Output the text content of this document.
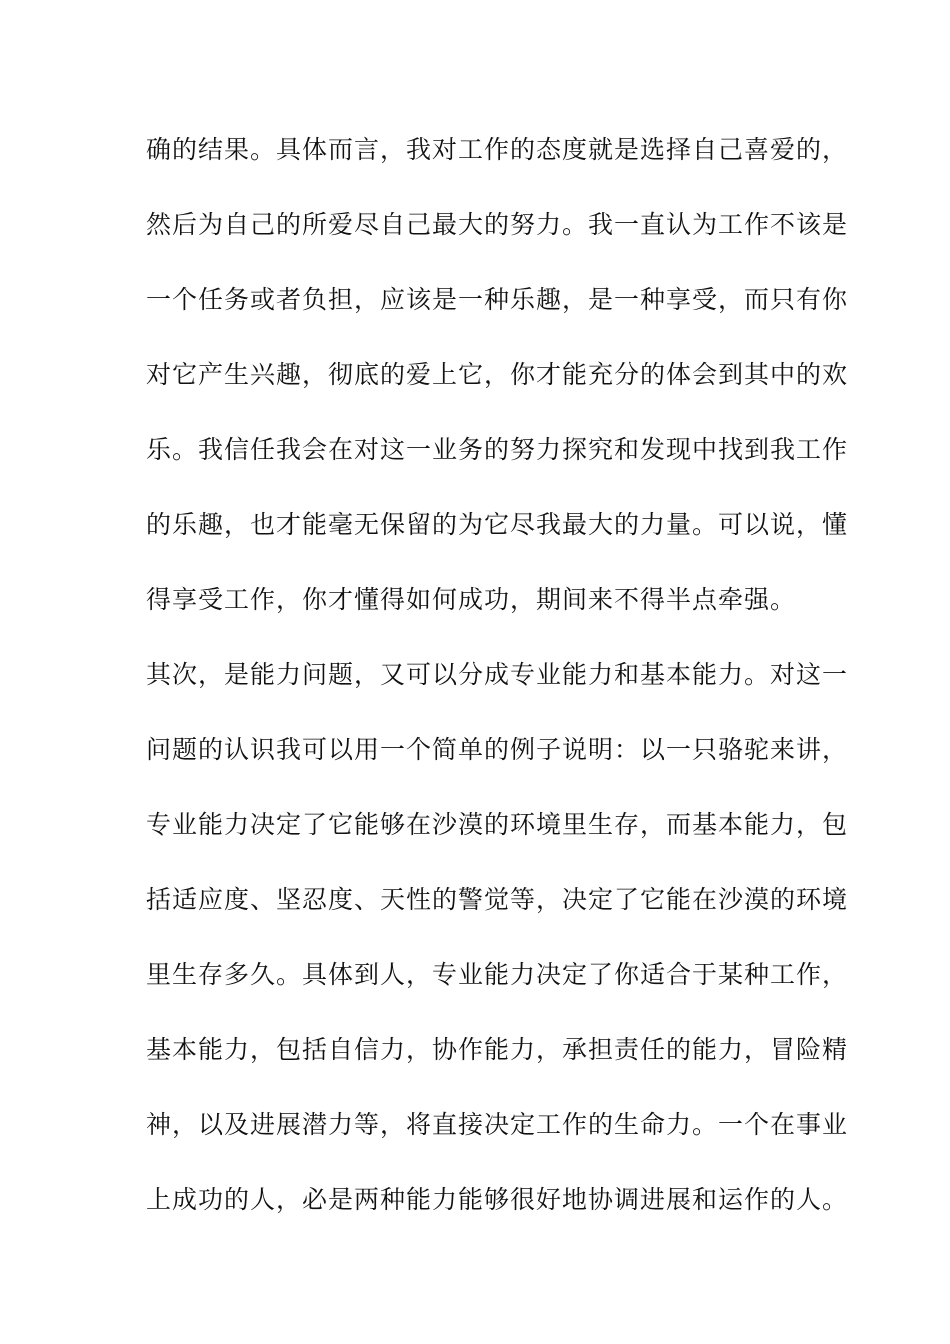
确的结果。具体而言，我对工作的态度就是选择自己喜爱的，
然后为自己的所爱尽自己最大的努力。我一直认为工作不该是
一个任务或者负担，应该是一种乐趣，是一种享受，而只有你
对它产生兴趣，彻底的爱上它，你才能充分的体会到其中的欢
乐。我信任我会在对这一业务的努力探究和发现中找到我工作
的乐趣，也才能毫无保留的为它尽我最大的力量。可以说，懂
得享受工作，你才懂得如何成功，期间来不得半点牵强。
其次，是能力问题，又可以分成专业能力和基本能力。对这一
问题的认识我可以用一个简单的例子说明：以一只骆驼来讲，
专业能力决定了它能够在沙漠的环境里生存，而基本能力，包
括适应度、坚忍度、天性的警觉等，决定了它能在沙漠的环境
里生存多久。具体到人，专业能力决定了你适合于某种工作，
基本能力，包括自信力，协作能力，承担责任的能力，冒险精
神，以及进展潜力等，将直接决定工作的生命力。一个在事业
上成功的人，必是两种能力能够很好地协调进展和运作的人。
